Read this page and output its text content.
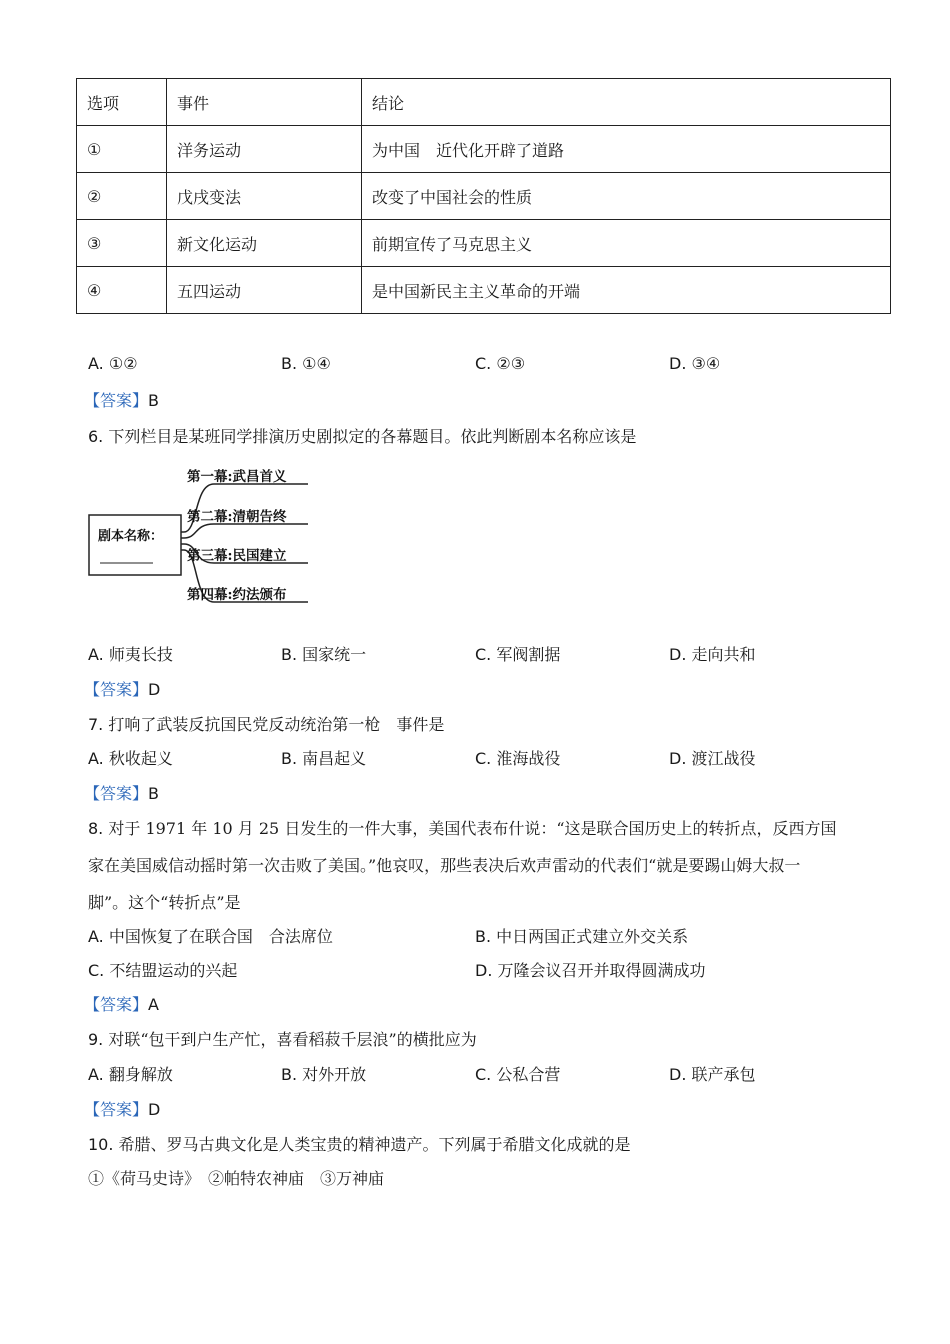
选项	事件	结论
①	洋务运动	为中国　近代化开辟了道路
②	戊戌变法	改变了中国社会的性质
③	新文化运动	前期宣传了马克思主义
④	五四运动	是中国新民主主义革命的开端
A. ①②	B. ①④	C. ②③	D. ③④
【答案】B
6. 下列栏目是某班同学排演历史剧拟定的各幕题目。依此判断剧本名称应该是
剧本名称：
第一幕:武昌首义
第二幕:清朝告终
第三幕:民国建立
第四幕:约法颁布
A. 师夷长技	B. 国家统一	C. 军阀割据	D. 走向共和
【答案】D
7. 打响了武装反抗国民党反动统治第一枪　事件是
A. 秋收起义	B. 南昌起义	C. 淮海战役	D. 渡江战役
【答案】B
8. 对于 1971 年 10 月 25 日发生的一件大事，美国代表布什说：“这是联合国历史上的转折点，反西方国
家在美国威信动摇时第一次击败了美国。”他哀叹，那些表决后欢声雷动的代表们“就是要踢山姆大叔一
脚”。这个“转折点”是
A. 中国恢复了在联合国　合法席位	B. 中日两国正式建立外交关系
C. 不结盟运动的兴起	D. 万隆会议召开并取得圆满成功
【答案】A
9. 对联“包干到户生产忙，喜看稻菽千层浪”的横批应为
A. 翻身解放	B. 对外开放	C. 公私合营	D. 联产承包
【答案】D
10. 希腊、罗马古典文化是人类宝贵的精神遗产。下列属于希腊文化成就的是
①《荷马史诗》　②帕特农神庙　③万神庙
